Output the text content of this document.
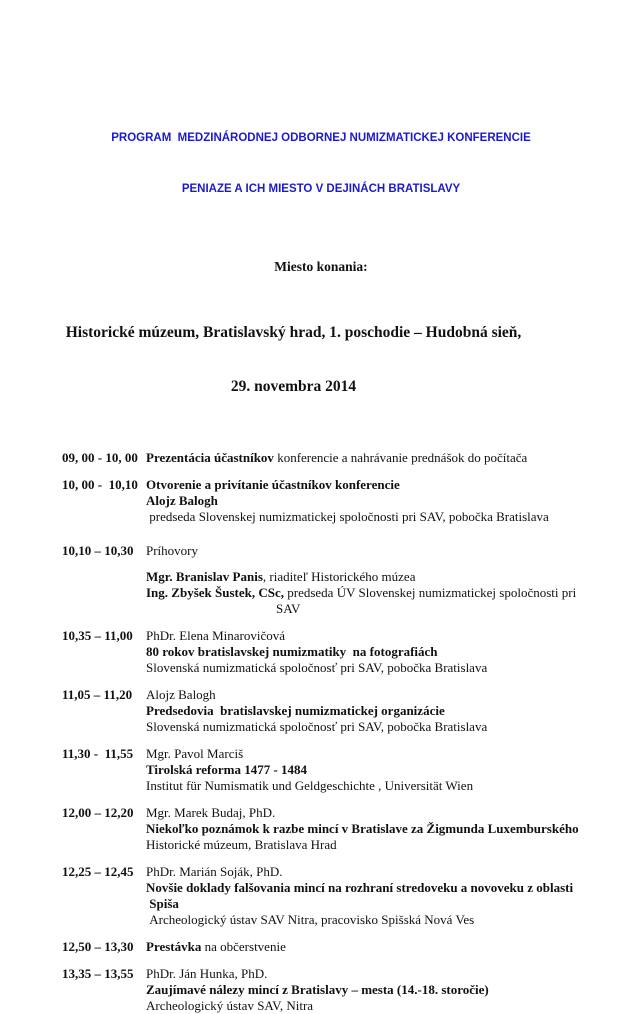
PROGRAM  MEDZINÁRODNEJ ODBORNEJ NUMIZMATICKEJ KONFERENCIE

PENIAZE A ICH MIESTO V DEJINÁCH BRATISLAVY

Miesto konania:

Historické múzeum, Bratislavský hrad, 1. poschodie – Hudobná sieň,

29. novembra 2014

09, 00 - 10, 00 Prezentácia účastníkov konferencie a nahrávanie prednášok do počítača
10, 00 -  10,10 Otvorenie a privítanie účastníkov konferencie
Alojz Balogh
predseda Slovenskej numizmatickej spoločnosti pri SAV, pobočka Bratislava
10,10 – 10,30 Príhovory
Mgr. Branislav Panis, riaditeľ Historického múzea
Ing. Zbyšek Šustek, CSc, predseda ÚV Slovenskej numizmatickej spoločnosti pri
SAV
10,35 – 11,00	PhDr. Elena Minarovičová
80 rokov bratislavskej numizmatiky  na fotografiách
Slovenská numizmatická spoločnosť pri SAV, pobočka Bratislava
11,05 – 11,20	Alojz Balogh
Predsedovia  bratislavskej numizmatickej organizácie
Slovenská numizmatická spoločnosť pri SAV, pobočka Bratislava
11,30 -  11,55 Mgr. Pavol Marciš
Tirolská reforma 1477 - 1484
Institut für Numismatik und Geldgeschichte , Universität Wien
12,00 – 12,20 Mgr. Marek Budaj, PhD.
Niekoľko poznámok k razbe mincí v Bratislave za Žigmunda Luxemburského
Historické múzeum, Bratislava Hrad
12,25 – 12,45 PhDr. Marián Soják, PhD.
Novšie doklady falšovania mincí na rozhraní stredoveku a novoveku z oblasti
Spiša
Archeologický ústav SAV Nitra, pracovisko Spišská Nová Ves
12,50 – 13,30 Prestávka na občerstvenie
13,35 – 13,55 PhDr. Ján Hunka, PhD.
Zaujímavé nálezy mincí z Bratislavy – mesta (14.-18. storočie)
Archeologický ústav SAV, Nitra
